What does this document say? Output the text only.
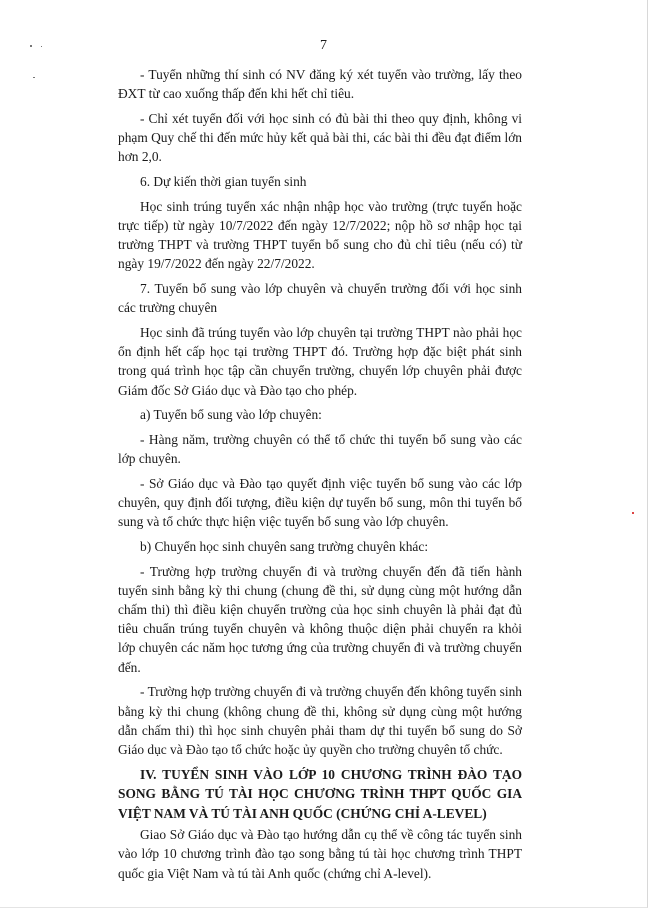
7

- Tuyển những thí sinh có NV đăng ký xét tuyển vào trường, lấy theo ĐXT từ cao xuống thấp đến khi hết chỉ tiêu.

- Chỉ xét tuyển đối với học sinh có đủ bài thi theo quy định, không vi phạm Quy chế thi đến mức hủy kết quả bài thi, các bài thi đều đạt điểm lớn hơn 2,0.

6. Dự kiến thời gian tuyển sinh

Học sinh trúng tuyển xác nhận nhập học vào trường (trực tuyến hoặc trực tiếp) từ ngày 10/7/2022 đến ngày 12/7/2022; nộp hồ sơ nhập học tại trường THPT và trường THPT tuyển bổ sung cho đủ chỉ tiêu (nếu có) từ ngày 19/7/2022 đến ngày 22/7/2022.

7. Tuyển bổ sung vào lớp chuyên và chuyển trường đối với học sinh các trường chuyên

Học sinh đã trúng tuyển vào lớp chuyên tại trường THPT nào phải học ổn định hết cấp học tại trường THPT đó. Trường hợp đặc biệt phát sinh trong quá trình học tập cần chuyển trường, chuyển lớp chuyên phải được Giám đốc Sở Giáo dục và Đào tạo cho phép.

a) Tuyển bổ sung vào lớp chuyên:

- Hàng năm, trường chuyên có thể tổ chức thi tuyển bổ sung vào các lớp chuyên.

- Sở Giáo dục và Đào tạo quyết định việc tuyển bổ sung vào các lớp chuyên, quy định đối tượng, điều kiện dự tuyển bổ sung, môn thi tuyển bổ sung và tổ chức thực hiện việc tuyển bổ sung vào lớp chuyên.

b) Chuyển học sinh chuyên sang trường chuyên khác:

- Trường hợp trường chuyển đi và trường chuyển đến đã tiến hành tuyển sinh bằng kỳ thi chung (chung đề thi, sử dụng cùng một hướng dẫn chấm thi) thì điều kiện chuyển trường của học sinh chuyên là phải đạt đủ tiêu chuẩn trúng tuyển chuyên và không thuộc diện phải chuyển ra khỏi lớp chuyên các năm học tương ứng của trường chuyển đi và trường chuyển đến.

- Trường hợp trường chuyển đi và trường chuyển đến không tuyển sinh bằng kỳ thi chung (không chung đề thi, không sử dụng cùng một hướng dẫn chấm thi) thì học sinh chuyên phải tham dự thi tuyển bổ sung do Sở Giáo dục và Đào tạo tổ chức hoặc ủy quyền cho trường chuyên tổ chức.

IV. TUYỂN SINH VÀO LỚP 10 CHƯƠNG TRÌNH ĐÀO TẠO SONG BẰNG TÚ TÀI HỌC CHƯƠNG TRÌNH THPT QUỐC GIA VIỆT NAM VÀ TÚ TÀI ANH QUỐC (CHỨNG CHỈ A-LEVEL)

Giao Sở Giáo dục và Đào tạo hướng dẫn cụ thể về công tác tuyển sinh vào lớp 10 chương trình đào tạo song bằng tú tài học chương trình THPT quốc gia Việt Nam và tú tài Anh quốc (chứng chỉ A-level).
